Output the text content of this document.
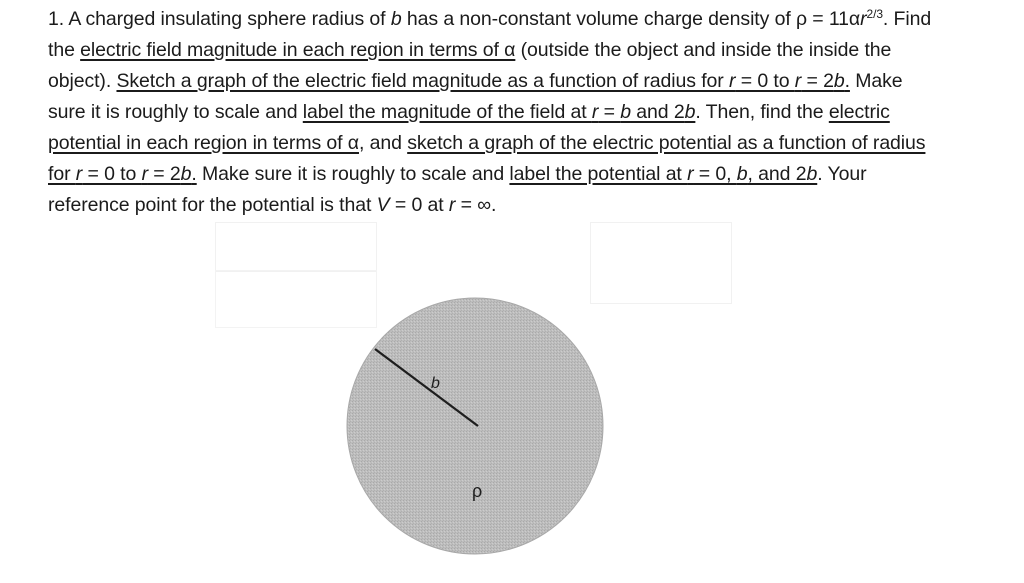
1. A charged insulating sphere radius of b has a non-constant volume charge density of $\rho = 11\alpha r^{2/3}$. Find
the electric field magnitude in each region in terms of α (outside the object and inside the inside the
object). Sketch a graph of the electric field magnitude as a function of radius for r = 0 to r = 2b. Make
sure it is roughly to scale and label the magnitude of the field at r = b and 2b. Then, find the electric
potential in each region in terms of α, and sketch a graph of the electric potential as a function of radius
for r = 0 to r = 2b. Make sure it is roughly to scale and label the potential at r = 0, b, and 2b. Your
reference point for the potential is that V = 0 at r = ∞.
b
ρ
